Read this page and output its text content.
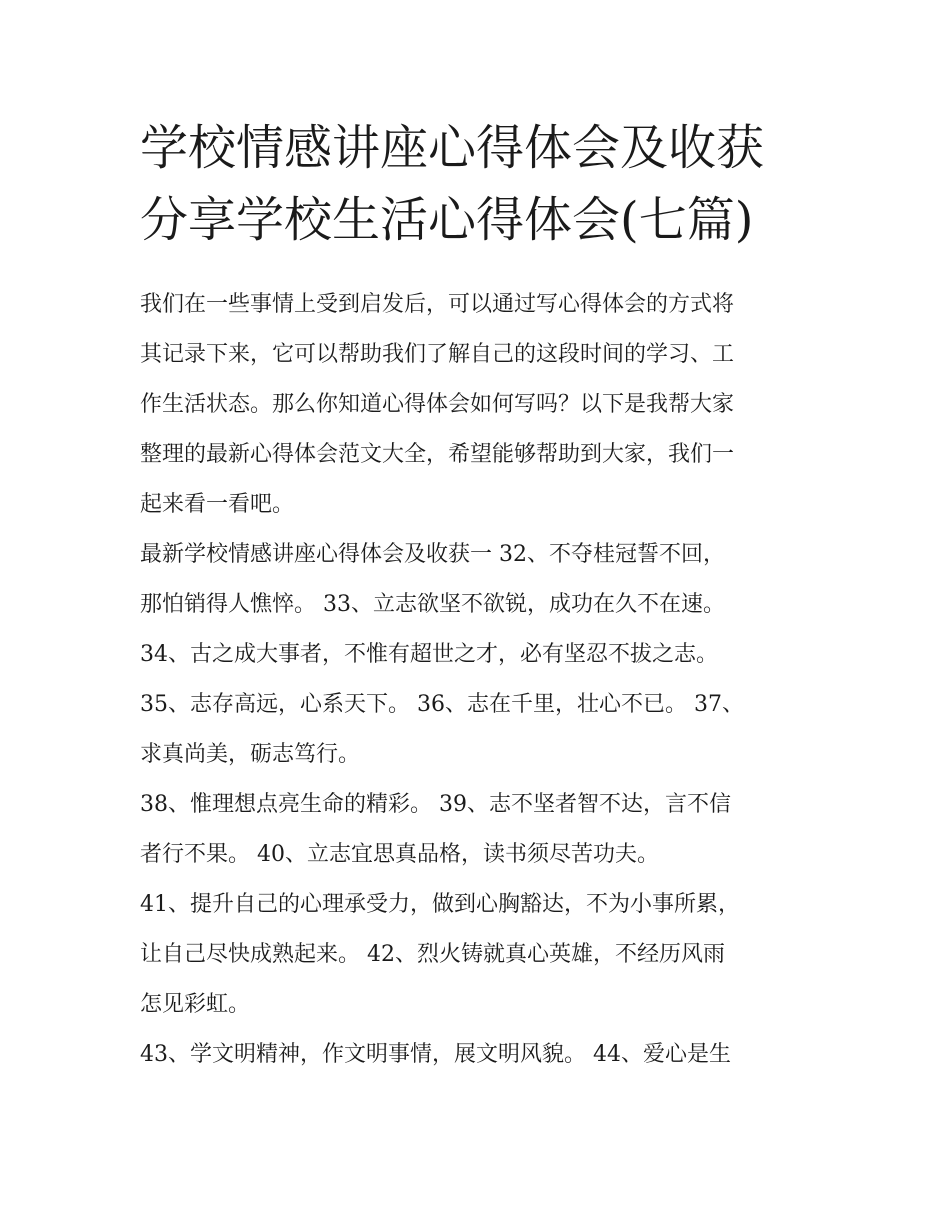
学校情感讲座心得体会及收获
分享学校生活心得体会(七篇)

我们在一些事情上受到启发后，可以通过写心得体会的方式将
其记录下来，它可以帮助我们了解自己的这段时间的学习、工
作生活状态。那么你知道心得体会如何写吗？以下是我帮大家
整理的最新心得体会范文大全，希望能够帮助到大家，我们一
起来看一看吧。

最新学校情感讲座心得体会及收获一 32、不夺桂冠誓不回，
那怕销得人憔悴。 33、立志欲坚不欲锐，成功在久不在速。

34、古之成大事者，不惟有超世之才，必有坚忍不拔之志。

35、志存高远，心系天下。 36、志在千里，壮心不已。 37、
求真尚美，砺志笃行。

38、惟理想点亮生命的精彩。 39、志不坚者智不达，言不信
者行不果。 40、立志宜思真品格，读书须尽苦功夫。

41、提升自己的心理承受力，做到心胸豁达，不为小事所累，
让自己尽快成熟起来。 42、烈火铸就真心英雄，不经历风雨
怎见彩虹。

43、学文明精神，作文明事情，展文明风貌。 44、爱心是生
